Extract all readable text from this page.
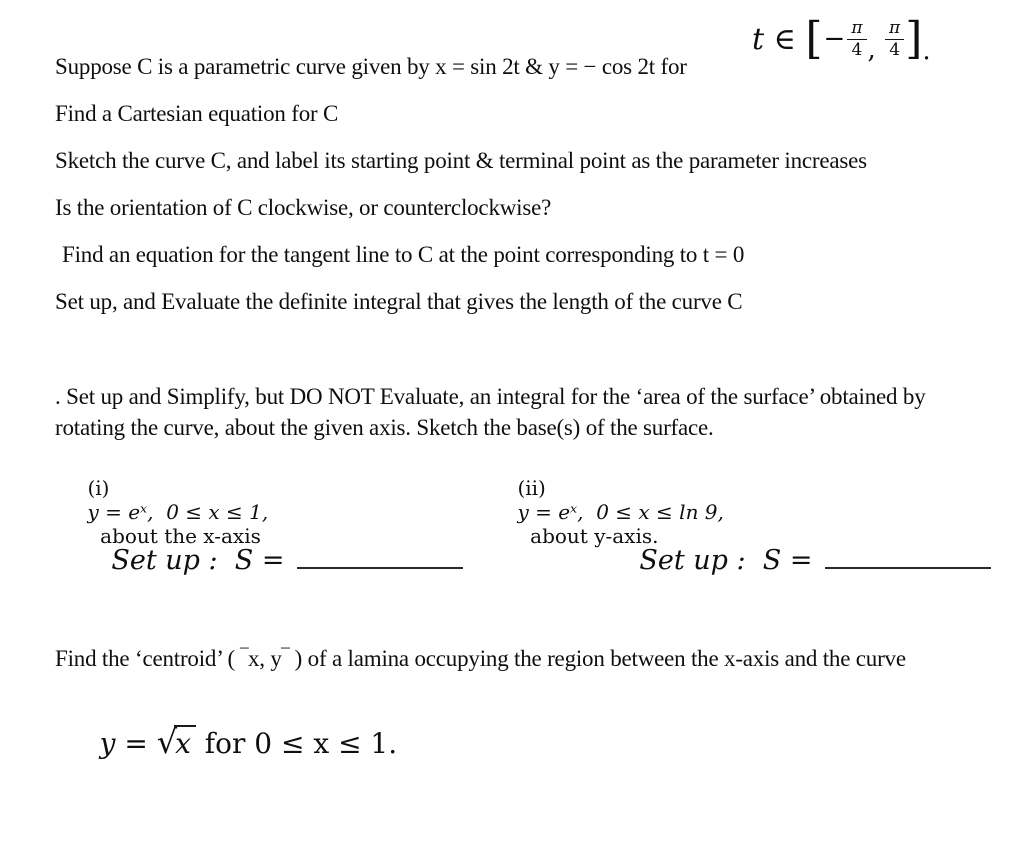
Suppose C is a parametric curve given by x = sin 2t & y = − cos 2t for
t ∈ [ − $\frac{\pi}{4}$ , $\frac{\pi}{4}$ ] .
Find a Cartesian equation for C
Sketch the curve C, and label its starting point & terminal point as the parameter increases
Is the orientation of C clockwise, or counterclockwise?
Find an equation for the tangent line to C at the point corresponding to t = 0
Set up, and Evaluate the definite integral that gives the length of the curve C
. Set up and Simplify, but DO NOT Evaluate, an integral for the ‘area of the surface’ obtained by
rotating the curve, about the given axis. Sketch the base(s) of the surface.

(i)
y = eˣ,  0 ≤ x ≤ 1,
about the x-axis

(ii)
y = eˣ,  0 ≤ x ≤ ln 9,
about y-axis.

Set up :  S =
	Set up :  S =

Find the ‘centroid’ ( ‾x, y‾ ) of a lamina occupying the region between the x-axis and the curve

y = √x for 0 ≤ x ≤ 1.
